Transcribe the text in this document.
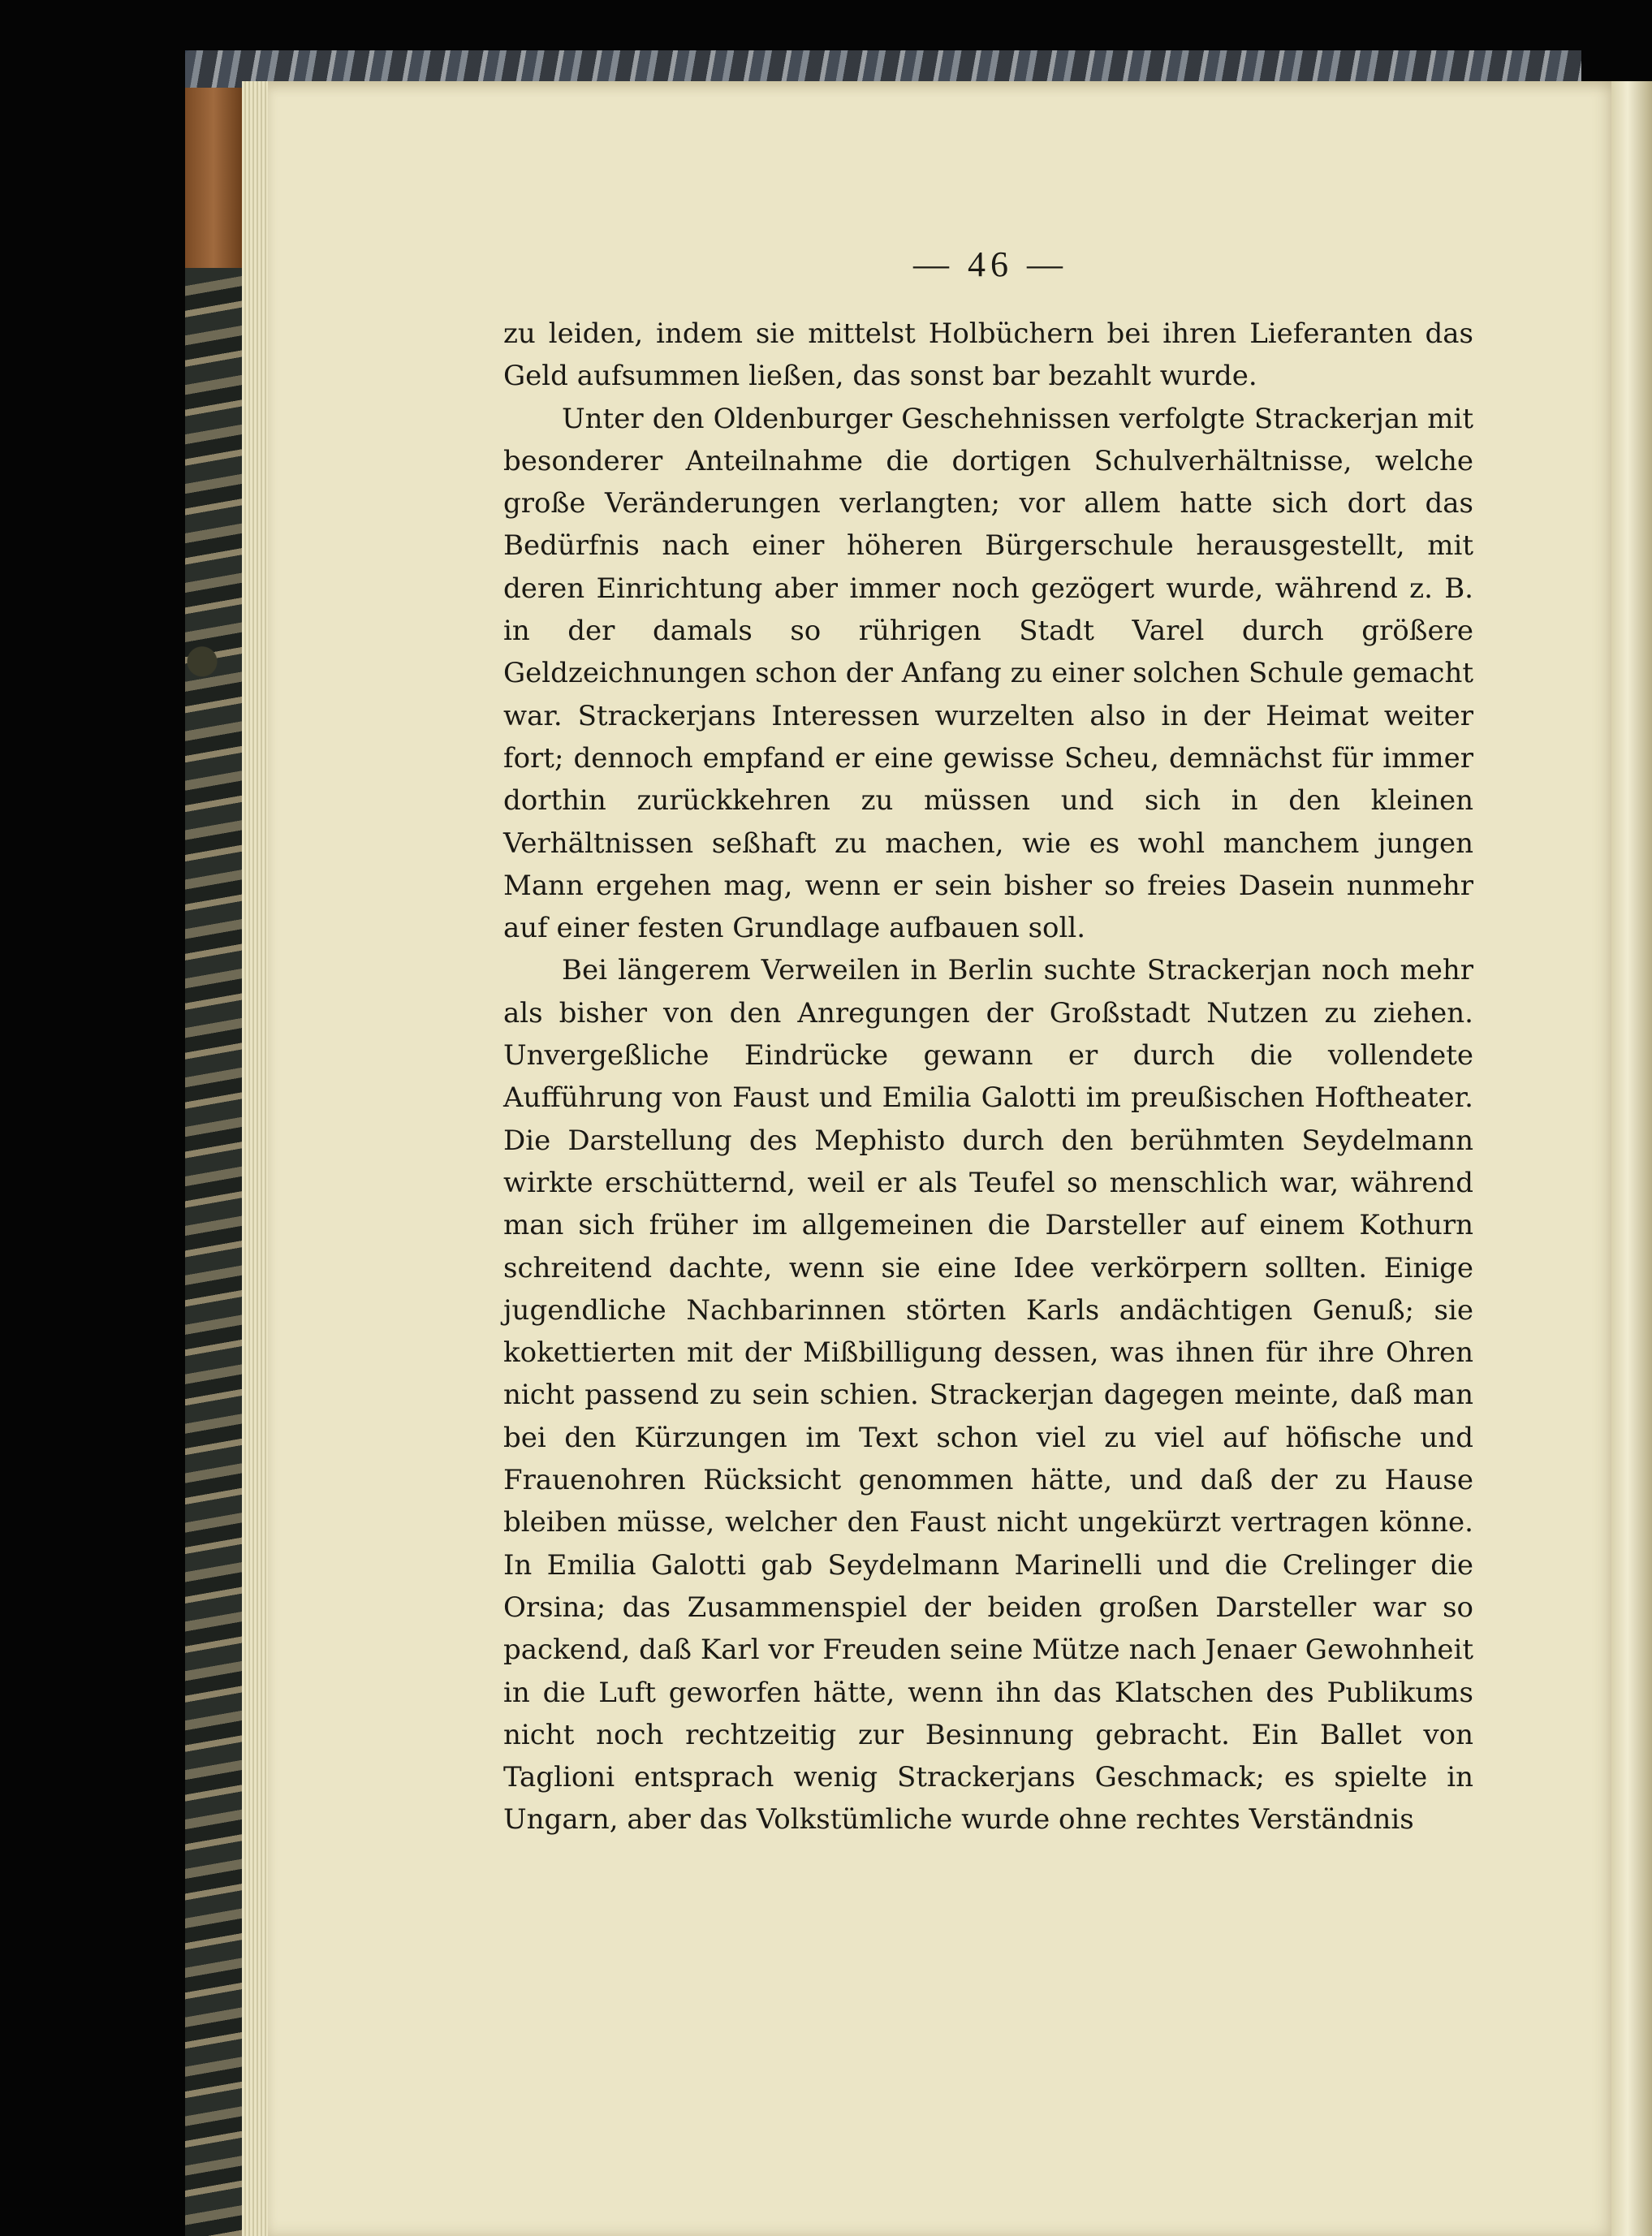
— 46 —

zu leiden, indem sie mittelst Holbüchern bei ihren Lieferanten das Geld aufsummen ließen, das sonst bar bezahlt wurde.

Unter den Oldenburger Geschehnissen verfolgte Strackerjan mit besonderer Anteilnahme die dortigen Schulverhältnisse, welche große Veränderungen verlangten; vor allem hatte sich dort das Bedürfnis nach einer höheren Bürgerschule herausgestellt, mit deren Einrichtung aber immer noch gezögert wurde, während z. B. in der damals so rührigen Stadt Varel durch größere Geldzeichnungen schon der Anfang zu einer solchen Schule gemacht war. Strackerjans Interessen wurzelten also in der Heimat weiter fort; dennoch empfand er eine gewisse Scheu, demnächst für immer dorthin zurückkehren zu müssen und sich in den kleinen Verhältnissen seßhaft zu machen, wie es wohl manchem jungen Mann ergehen mag, wenn er sein bisher so freies Dasein nunmehr auf einer festen Grundlage aufbauen soll.

Bei längerem Verweilen in Berlin suchte Strackerjan noch mehr als bisher von den Anregungen der Großstadt Nutzen zu ziehen. Unvergeßliche Eindrücke gewann er durch die vollendete Aufführung von Faust und Emilia Galotti im preußischen Hoftheater. Die Darstellung des Mephisto durch den berühmten Seydelmann wirkte erschütternd, weil er als Teufel so menschlich war, während man sich früher im allgemeinen die Darsteller auf einem Kothurn schreitend dachte, wenn sie eine Idee verkörpern sollten. Einige jugendliche Nachbarinnen störten Karls andächtigen Genuß; sie kokettierten mit der Mißbilligung dessen, was ihnen für ihre Ohren nicht passend zu sein schien. Strackerjan dagegen meinte, daß man bei den Kürzungen im Text schon viel zu viel auf höfische und Frauenohren Rücksicht genommen hätte, und daß der zu Hause bleiben müsse, welcher den Faust nicht ungekürzt vertragen könne. In Emilia Galotti gab Seydelmann Marinelli und die Crelinger die Orsina; das Zusammenspiel der beiden großen Darsteller war so packend, daß Karl vor Freuden seine Mütze nach Jenaer Gewohnheit in die Luft geworfen hätte, wenn ihn das Klatschen des Publikums nicht noch rechtzeitig zur Besinnung gebracht. Ein Ballet von Taglioni entsprach wenig Strackerjans Geschmack; es spielte in Ungarn, aber das Volkstümliche wurde ohne rechtes Verständnis
